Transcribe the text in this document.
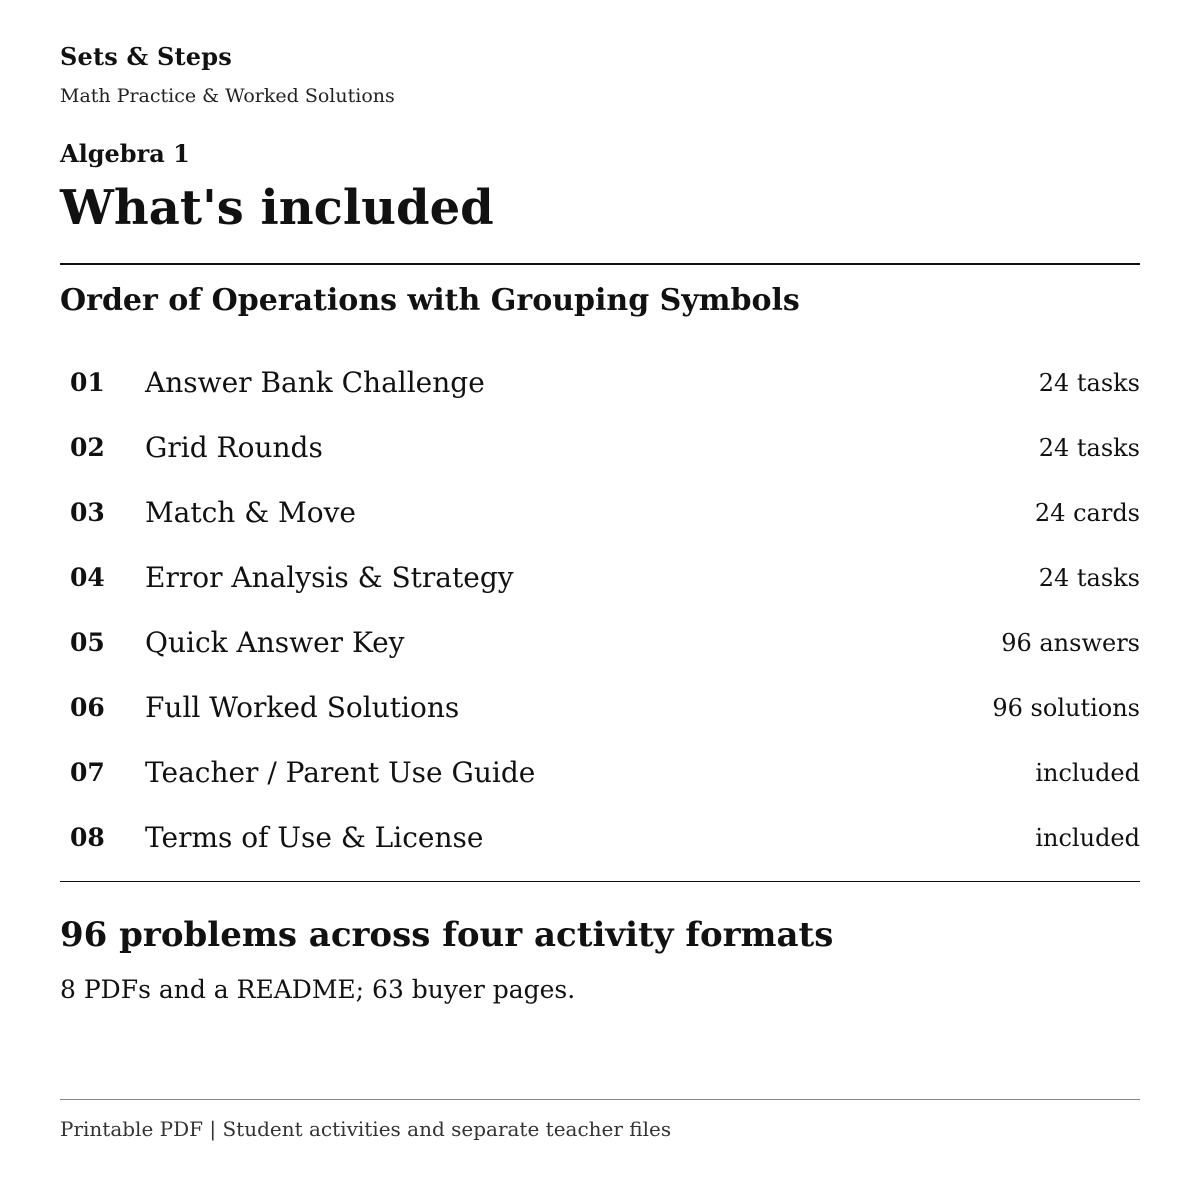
Sets & Steps
Math Practice & Worked Solutions
Algebra 1
What's included
Order of Operations with Grouping Symbols
01 Answer Bank Challenge	24 tasks
02 Grid Rounds	24 tasks
03 Match & Move	24 cards
04 Error Analysis & Strategy	24 tasks
05 Quick Answer Key	96 answers
06 Full Worked Solutions	96 solutions
07 Teacher / Parent Use Guide	included
08 Terms of Use & License	included
96 problems across four activity formats
8 PDFs and a README; 63 buyer pages.
Printable PDF | Student activities and separate teacher files
